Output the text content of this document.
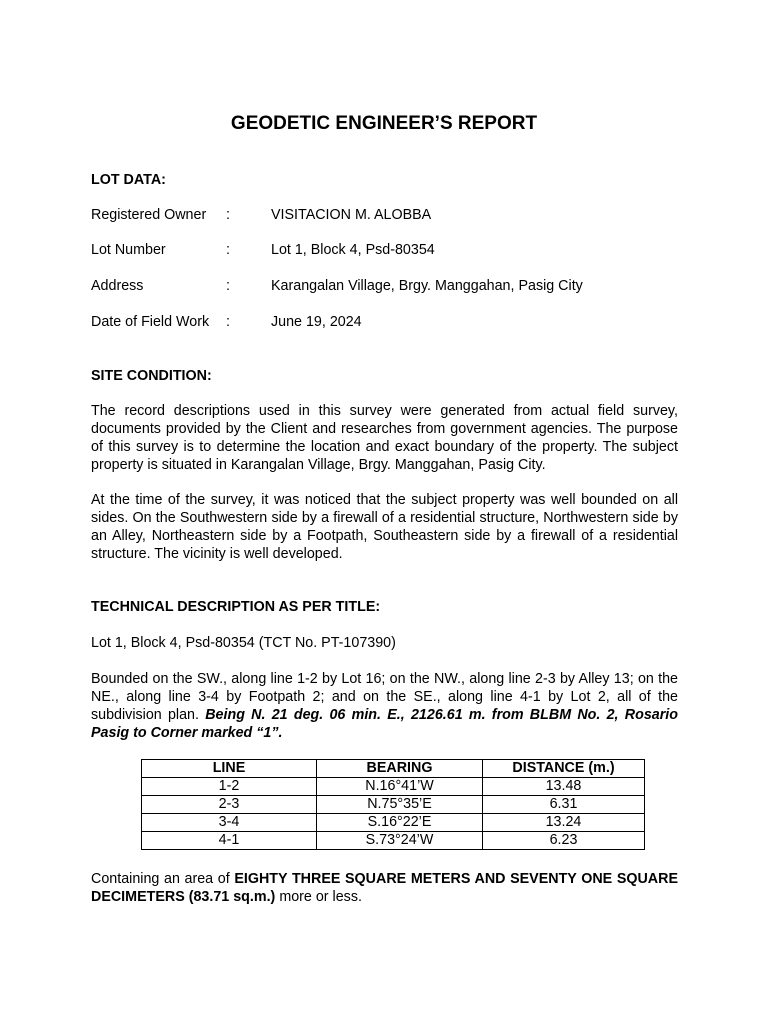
GEODETIC ENGINEER’S REPORT
LOT DATA:
Registered Owner :	VISITACION M. ALOBBA
Lot Number	:	Lot 1, Block 4, Psd-80354
Address	:	Karangalan Village, Brgy. Manggahan, Pasig City
Date of Field Work :	June 19, 2024
SITE CONDITION:
The record descriptions used in this survey were generated from actual field survey, documents provided by the Client and researches from government agencies. The purpose of this survey is to determine the location and exact boundary of the property. The subject property is situated in Karangalan Village, Brgy. Manggahan, Pasig City.
At the time of the survey, it was noticed that the subject property was well bounded on all sides. On the Southwestern side by a firewall of a residential structure, Northwestern side by an Alley, Northeastern side by a Footpath, Southeastern side by a firewall of a residential structure. The vicinity is well developed.
TECHNICAL DESCRIPTION AS PER TITLE:
Lot 1, Block 4, Psd-80354 (TCT No. PT-107390)
Bounded on the SW., along line 1-2 by Lot 16; on the NW., along line 2-3 by Alley 13; on the NE., along line 3-4 by Footpath 2; and on the SE., along line 4-1 by Lot 2, all of the subdivision plan. Being N. 21 deg. 06 min. E., 2126.61 m. from BLBM No. 2, Rosario Pasig to Corner marked “1”.
LINE	BEARING	DISTANCE (m.)
1-2	N.16°41’W	13.48
2-3	N.75°35’E	6.31
3-4	S.16°22’E	13.24
4-1	S.73°24’W	6.23
Containing an area of EIGHTY THREE SQUARE METERS AND SEVENTY ONE SQUARE DECIMETERS (83.71 sq.m.) more or less.
